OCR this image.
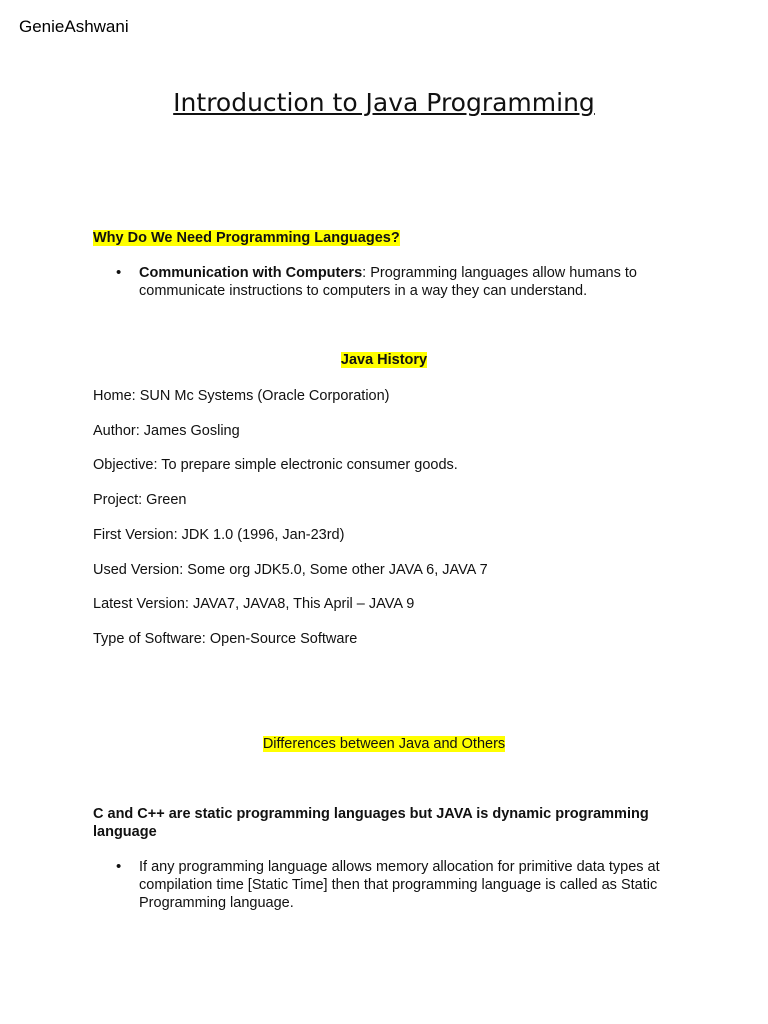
GenieAshwani
Introduction to Java Programming
Why Do We Need Programming Languages?
• Communication with Computers: Programming languages allow humans to communicate instructions to computers in a way they can understand.
Java History
Home: SUN Mc Systems (Oracle Corporation)
Author: James Gosling
Objective: To prepare simple electronic consumer goods.
Project: Green
First Version: JDK 1.0 (1996, Jan-23rd)
Used Version: Some org JDK5.0, Some other JAVA 6, JAVA 7
Latest Version: JAVA7, JAVA8, This April – JAVA 9
Type of Software: Open-Source Software
Differences between Java and Others
C and C++ are static programming languages but JAVA is dynamic programming language
• If any programming language allows memory allocation for primitive data types at compilation time [Static Time] then that programming language is called as Static Programming language.
